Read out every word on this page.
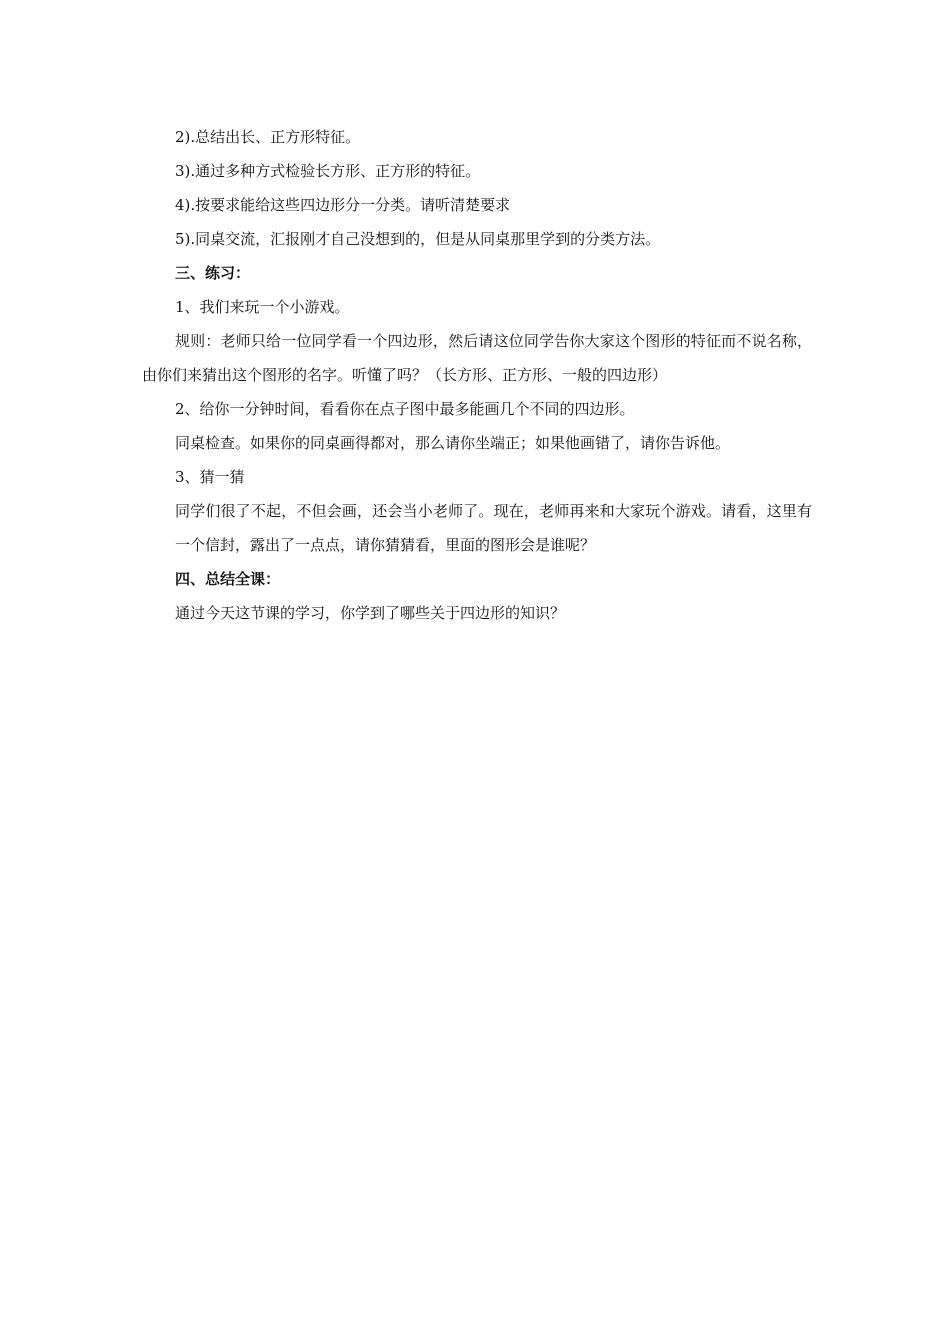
2).总结出长、正方形特征。

3).通过多种方式检验长方形、正方形的特征。

4).按要求能给这些四边形分一分类。请听清楚要求

5).同桌交流，汇报刚才自己没想到的，但是从同桌那里学到的分类方法。

三、练习：

1、我们来玩一个小游戏。

规则：老师只给一位同学看一个四边形，然后请这位同学告你大家这个图形的特征而不说名称，由你们来猜出这个图形的名字。听懂了吗？（长方形、正方形、一般的四边形）

2、给你一分钟时间，看看你在点子图中最多能画几个不同的四边形。

同桌检查。如果你的同桌画得都对，那么请你坐端正；如果他画错了，请你告诉他。

3、猜一猜

同学们很了不起，不但会画，还会当小老师了。现在，老师再来和大家玩个游戏。请看，这里有一个信封，露出了一点点，请你猜猜看，里面的图形会是谁呢？

四、总结全课：

通过今天这节课的学习，你学到了哪些关于四边形的知识？
